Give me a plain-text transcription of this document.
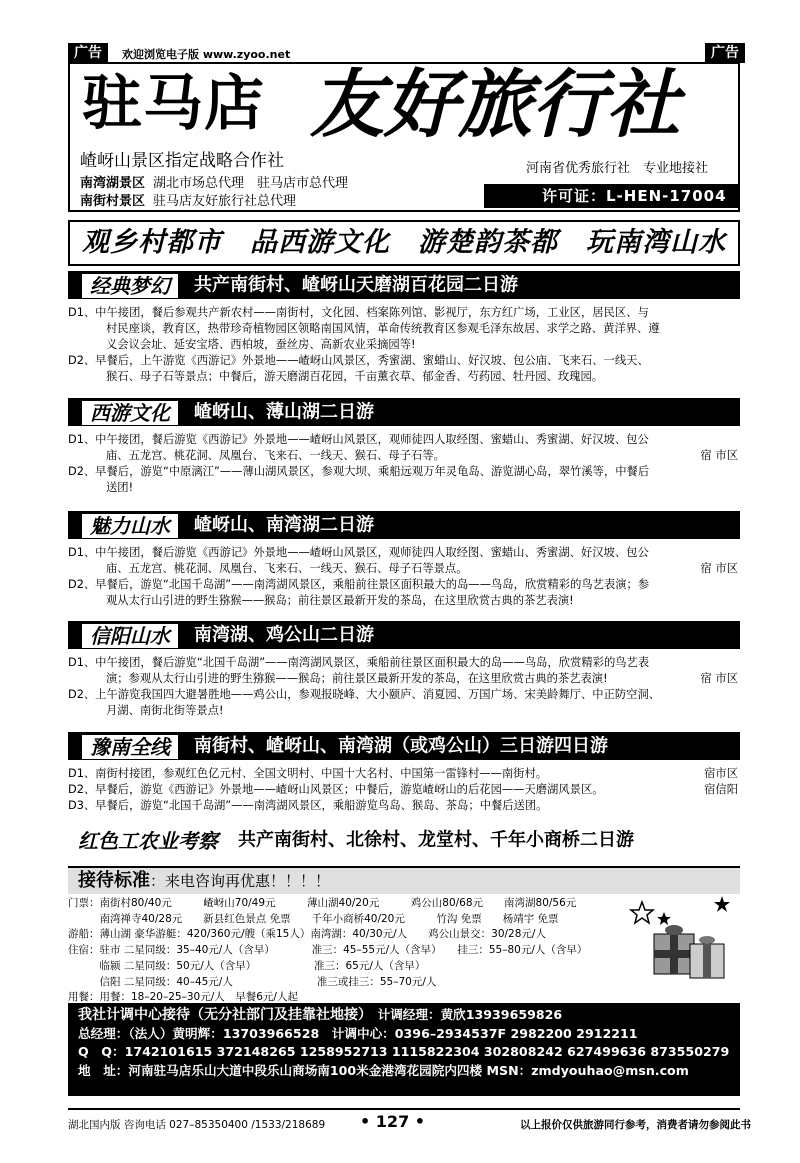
广告	欢迎浏览电子版 www.zyoo.net	广告
驻马店 友好旅行社
嵖岈山景区指定战略合作社
南湾湖景区 湖北市场总代理　驻马店市总代理
南街村景区 驻马店友好旅行社总代理
河南省优秀旅行社　专业地接社
许可证：L-HEN-17004
观乡村都市　品西游文化　游楚韵茶都　玩南湾山水
经典梦幻 共产南街村、嵖岈山天磨湖百花园二日游
D1、中午接团，餐后参观共产新农村——南街村，文化园、档案陈列馆、影视厅，东方红广场，工业区，居民区、与
村民座谈，教育区，热带珍奇植物园区领略南国风情，革命传统教育区参观毛泽东故居、求学之路、黄洋界、遵
义会议会址、延安宝塔、西柏坡，蚕丝房、高新农业采摘园等!
D2、早餐后，上午游览《西游记》外景地——嵖岈山风景区，秀蜜湖、蜜蜡山、好汉坡、包公庙、飞来石、一线天、
猴石、母子石等景点；中餐后，游天磨湖百花园，千亩薰衣草、郁金香、芍药园、牡丹园、玫瑰园。
西游文化 嵖岈山、薄山湖二日游
D1、中午接团，餐后游览《西游记》外景地——嵖岈山风景区，观师徒四人取经图、蜜蜡山、秀蜜湖、好汉坡、包公
庙、五龙宫、桃花洞、凤凰台、飞来石、一线天、猴石、母子石等。	宿 市区
D2、早餐后，游览“中原漓江”——薄山湖风景区，参观大坝、乘船远观万年灵龟岛、游览湖心岛，翠竹溪等，中餐后
送团!
魅力山水 嵖岈山、南湾湖二日游
D1、中午接团，餐后游览《西游记》外景地——嵖岈山风景区，观师徒四人取经图、蜜蜡山、秀蜜湖、好汉坡、包公
庙、五龙宫、桃花洞、凤凰台、飞来石、一线天、猴石、母子石等景点。	宿 市区
D2、早餐后，游览“北国千岛湖”——南湾湖风景区，乘船前往景区面积最大的岛——鸟岛，欣赏精彩的鸟艺表演；参
观从太行山引进的野生猕猴——猴岛；前往景区最新开发的茶岛，在这里欣赏古典的茶艺表演!
信阳山水 南湾湖、鸡公山二日游
D1、中午接团，餐后游览“北国千岛湖”——南湾湖风景区，乘船前往景区面积最大的岛——鸟岛，欣赏精彩的鸟艺表
演；参观从太行山引进的野生猕猴——猴岛；前往景区最新开发的茶岛，在这里欣赏古典的茶艺表演!	宿 市区
D2、上午游览我国四大避暑胜地——鸡公山，参观报晓峰、大小颐庐、消夏园、万国广场、宋美龄舞厅、中正防空洞、
月湖、南街北街等景点!
豫南全线 南街村、嵖岈山、南湾湖（或鸡公山）三日游四日游
D1、南街村接团，参观红色亿元村、全国文明村、中国十大名村、中国第一雷锋村——南街村。	宿市区
D2、早餐后，游览《西游记》外景地——嵖岈山风景区；中餐后，游览嵖岈山的后花园——天磨湖风景区。	宿信阳
D3、早餐后，游览“北国千岛湖”——南湾湖风景区，乘船游览鸟岛、猴岛、茶岛；中餐后送团。
红色工农业考察 共产南街村、北徐村、龙堂村、千年小商桥二日游
接待标准：来电咨询再优惠！！！！
门票：南街村80/40元　　　嵖岈山70/49元　　　薄山湖40/20元　　　鸡公山80/68元　　南湾湖80/56元
　　　南湾禅寺40/28元　　新县红色景点 免票　　千年小商桥40/20元　　　竹沟 免票　　杨靖宇 免票
游船：薄山湖 豪华游艇：420/360元/艘（乘15人）南湾湖：40/30元/人　　鸡公山景交：30/28元/人
住宿：驻市 二星同级：35–40元/人（含早）　　　　准三：45–55元/人（含早）　　挂三：55–80元/人（含早）
　　　临颍 二星同级：50元/人（含早）　　　　　　准三：65元/人（含早）
　　　信阳 二星同级：40–45元/人　　　　　　　　准三或挂三：55–70元/人
用餐：用餐：18–20–25–30元/人　早餐6元/人起
我社计调中心接待（无分社部门及挂靠社地接）　 计调经理：黄欣13939659826
总经理：（法人）黄明辉：13703966528　计调中心：0396–2934537F 2982200 2912211
Q　Q：1742101615 372148265 1258952713 1115822304 302808242 627499636 873550279
地　址：河南驻马店乐山大道中段乐山商场南100米金港湾花园院内四楼 MSN：zmdyouhao@msn.com
湖北国内版 咨询电话 027–85350400 /1533/218689 • 127 •	以上报价仅供旅游同行参考，消费者请勿参阅此书
